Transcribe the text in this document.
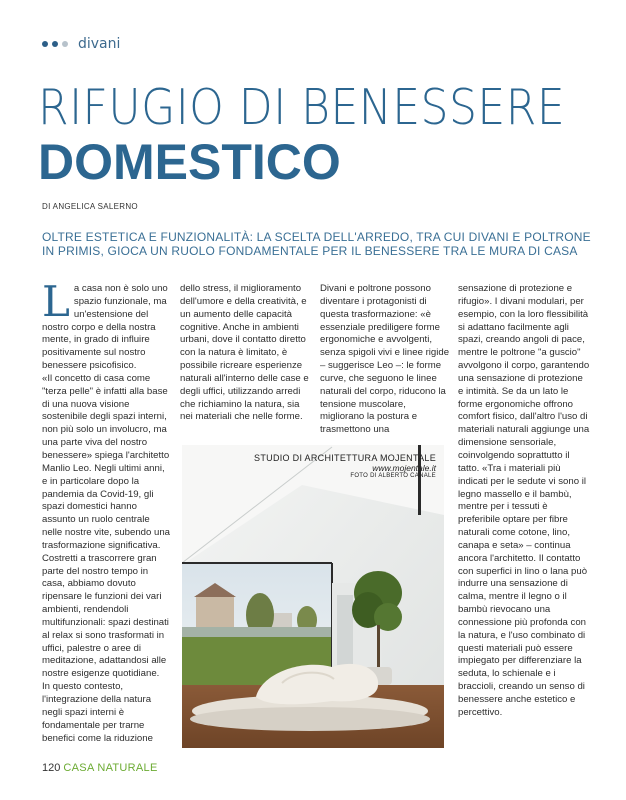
divani
RIFUGIO DI BENESSERE
DOMESTICO
DI ANGELICA SALERNO
OLTRE ESTETICA E FUNZIONALITÀ: LA SCELTA DELL'ARREDO, TRA CUI DIVANI E POLTRONE IN PRIMIS, GIOCA UN RUOLO FONDAMENTALE PER IL BENESSERE TRA LE MURA DI CASA
L a casa non è solo uno spazio funzionale, ma un'estensione del nostro corpo e della nostra mente, in grado di influire positivamente sul nostro benessere psicofisico.

«Il concetto di casa come "terza pelle" è infatti alla base di una nuova visione sostenibile degli spazi interni, non più solo un involucro, ma una parte viva del nostro benessere» spiega l'architetto Manlio Leo. Negli ultimi anni, e in particolare dopo la pandemia da Covid-19, gli spazi domestici hanno assunto un ruolo centrale nelle nostre vite, subendo una trasformazione significativa. Costretti a trascorrere gran parte del nostro tempo in casa, abbiamo dovuto ripensare le funzioni dei vari ambienti, rendendoli multifunzionali: spazi destinati al relax si sono trasformati in uffici, palestre o aree di meditazione, adattandosi alle nostre esigenze quotidiane.

In questo contesto, l'integrazione della natura negli spazi interni è fondamentale per trarne benefici come la riduzione

dello stress, il miglioramento dell'umore e della creatività, e un aumento delle capacità cognitive. Anche in ambienti urbani, dove il contatto diretto con la natura è limitato, è possibile ricreare esperienze naturali all'interno delle case e degli uffici, utilizzando arredi che richiamino la natura, sia nei materiali che nelle forme.

Divani e poltrone possono diventare i protagonisti di questa trasformazione: «è essenziale prediligere forme ergonomiche e avvolgenti, senza spigoli vivi e linee rigide – suggerisce Leo –: le forme curve, che seguono le linee naturali del corpo, riducono la tensione muscolare, migliorano la postura e trasmettono una

sensazione di protezione e rifugio». I divani modulari, per esempio, con la loro flessibilità si adattano facilmente agli spazi, creando angoli di pace, mentre le poltrone "a guscio" avvolgono il corpo, garantendo una sensazione di protezione e intimità. Se da un lato le forme ergonomiche offrono comfort fisico, dall'altro l'uso di materiali naturali aggiunge una dimensione sensoriale, coinvolgendo soprattutto il tatto. «Tra i materiali più indicati per le sedute vi sono il legno massello e il bambù, mentre per i tessuti è preferibile optare per fibre naturali come cotone, lino, canapa e seta» – continua ancora l'architetto. Il contatto con superfici in lino o lana può indurre una sensazione di calma, mentre il legno o il bambù rievocano una connessione più profonda con la natura, e l'uso combinato di questi materiali può essere impiegato per differenziare la seduta, lo schienale e i braccioli, creando un senso di benessere anche estetico e percettivo.

STUDIO DI ARCHITETTURA MOJENTALE
www.mojentale.it
FOTO DI ALBERTO CANALE
120 CASA NATURALE
